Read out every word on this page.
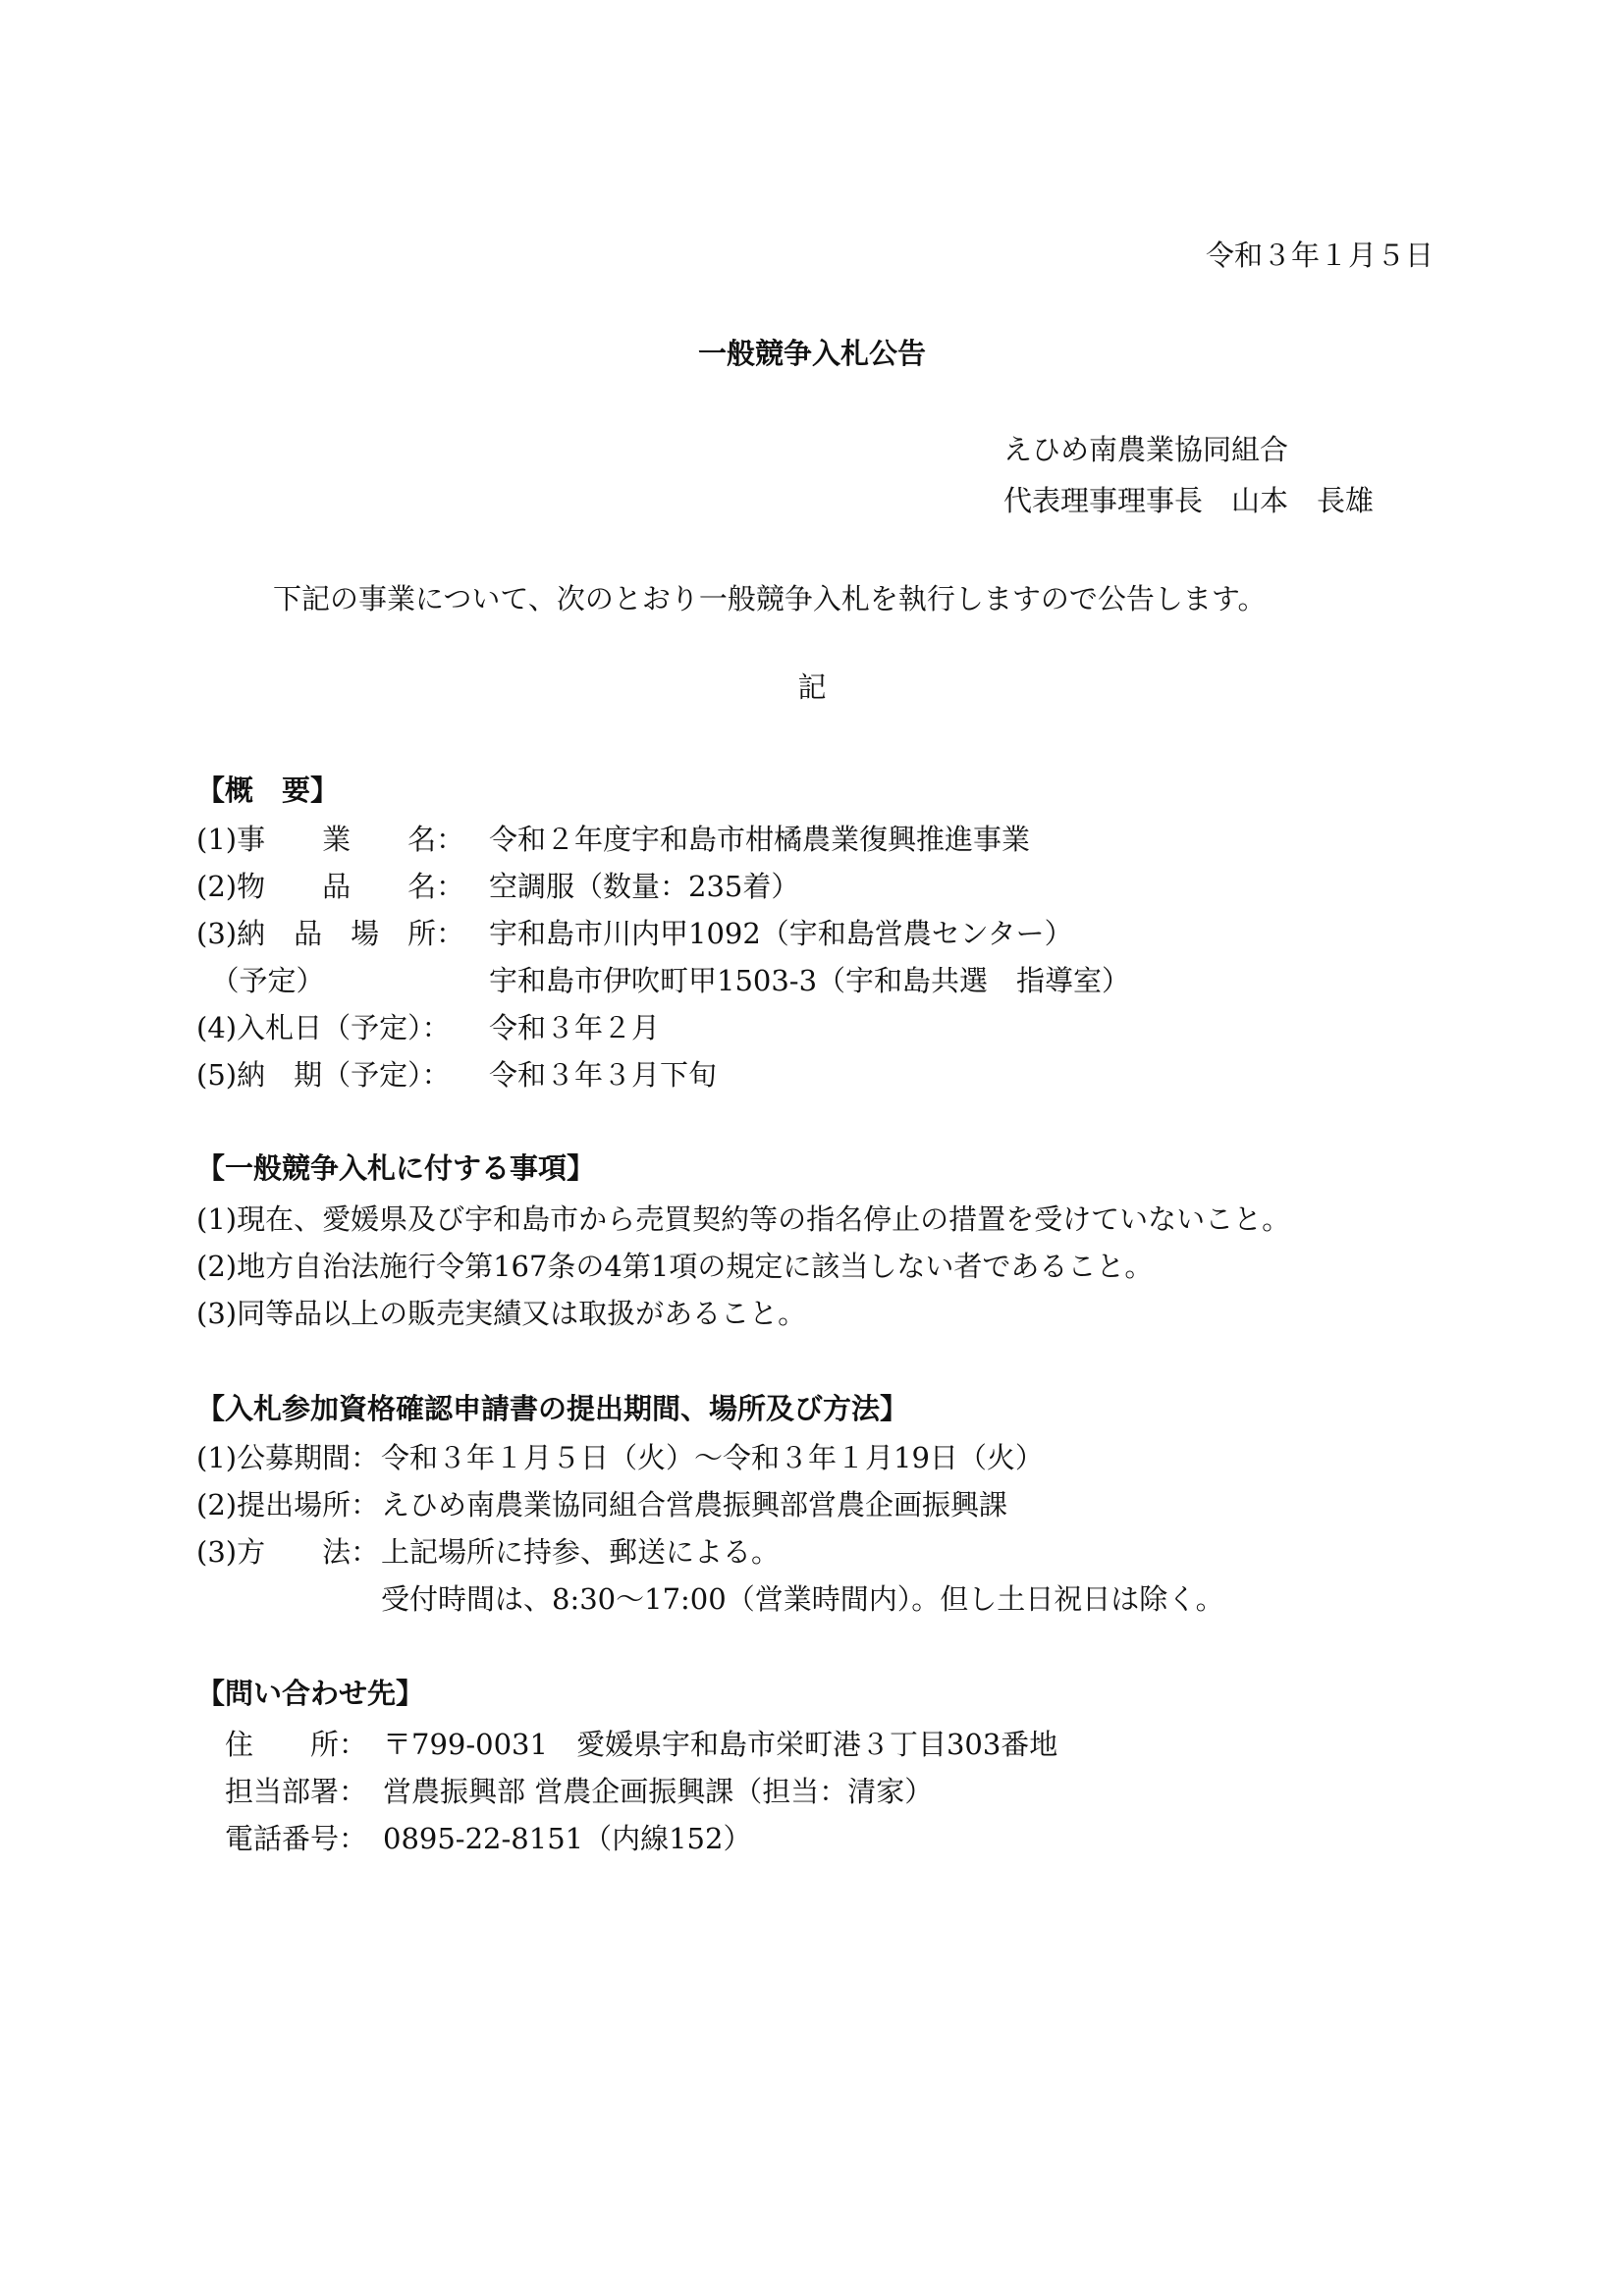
令和３年１月５日
一般競争入札公告
えひめ南農業協同組合
代表理事理事長　山本　長雄
下記の事業について、次のとおり一般競争入札を執行しますので公告します。
記
【概　要】
(1)事　　業　　名： 令和２年度宇和島市柑橘農業復興推進事業
(2)物　　品　　名： 空調服（数量：235着）
(3)納　品　場　所： 宇和島市川内甲1092（宇和島営農センター）
　（予定）	宇和島市伊吹町甲1503-3（宇和島共選　指導室）
(4)入札日（予定）： 令和３年２月
(5)納　期（予定）： 令和３年３月下旬
【一般競争入札に付する事項】
(1)現在、愛媛県及び宇和島市から売買契約等の指名停止の措置を受けていないこと。
(2)地方自治法施行令第167条の4第1項の規定に該当しない者であること。
(3)同等品以上の販売実績又は取扱があること。
【入札参加資格確認申請書の提出期間、場所及び方法】
(1)公募期間：令和３年１月５日（火）～令和３年１月19日（火）
(2)提出場所：えひめ南農業協同組合営農振興部営農企画振興課
(3)方　　法：上記場所に持参、郵送による。
受付時間は、8:30～17:00（営業時間内）。但し土日祝日は除く。
【問い合わせ先】
　住　　所： 〒799-0031　愛媛県宇和島市栄町港３丁目303番地
　担当部署： 営農振興部 営農企画振興課（担当：清家）
　電話番号： 0895-22-8151（内線152）
